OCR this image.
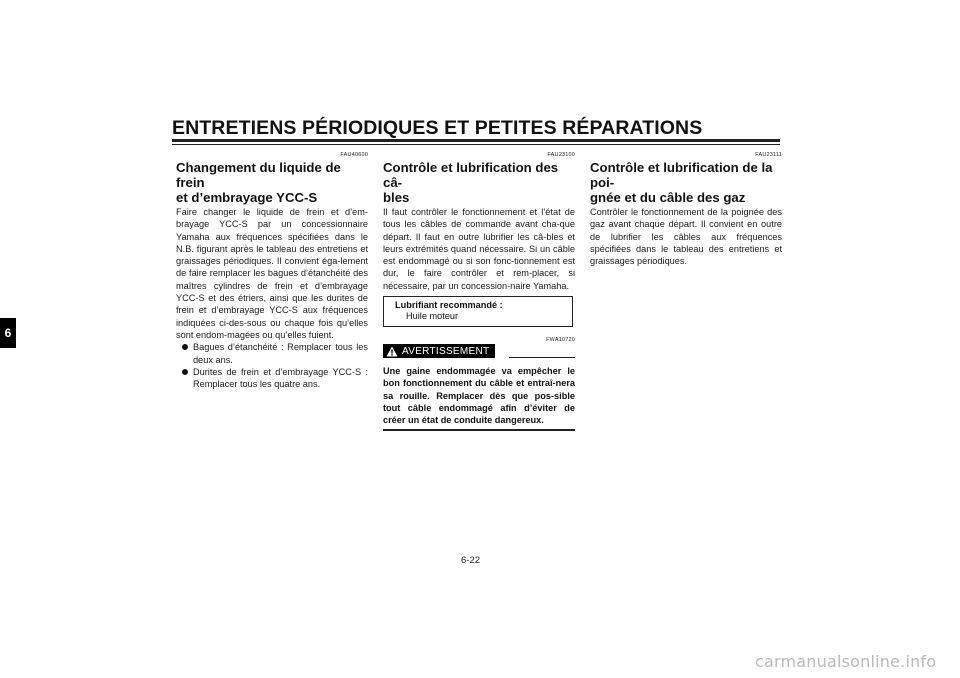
ENTRETIENS PÉRIODIQUES ET PETITES RÉPARATIONS
6
FAU40600
Changement du liquide de frein
et d’embrayage YCC-S

Faire changer le liquide de frein et d’em-brayage YCC-S par un concessionnaire Yamaha aux fréquences spécifiées dans le N.B. figurant après le tableau des entretiens et graissages périodiques. Il convient éga-lement de faire remplacer les bagues d’étanchéité des maîtres cylindres de frein et d’embrayage YCC-S et des étriers, ainsi que les durites de frein et d’embrayage YCC-S aux fréquences indiquées ci-des-sous ou chaque fois qu’elles sont endom-magées ou qu’elles fuient.

Bagues d’étanchéité : Remplacer tous les deux ans.
Durites de frein et d’embrayage YCC-S : Remplacer tous les quatre ans.
FAU23100
Contrôle et lubrification des câ-
bles

Il faut contrôler le fonctionnement et l’état de tous les câbles de commande avant cha-que départ. Il faut en outre lubrifier les câ-bles et leurs extrémités quand nécessaire. Si un câble est endommagé ou si son fonc-tionnement est dur, le faire contrôler et rem-placer, si nécessaire, par un concession-naire Yamaha.

Lubrifiant recommandé :
Huile moteur
FWA10720
AVERTISSEMENT
Une gaine endommagée va empêcher le bon fonctionnement du câble et entraî-nera sa rouille. Remplacer dès que pos-sible tout câble endommagé afin d’éviter de créer un état de conduite dangereux.
FAU23111
Contrôle et lubrification de la poi-
gnée et du câble des gaz

Contrôler le fonctionnement de la poignée des gaz avant chaque départ. Il convient en outre de lubrifier les câbles aux fréquences spécifiées dans le tableau des entretiens et graissages périodiques.

6-22
carmanualsonline.info
